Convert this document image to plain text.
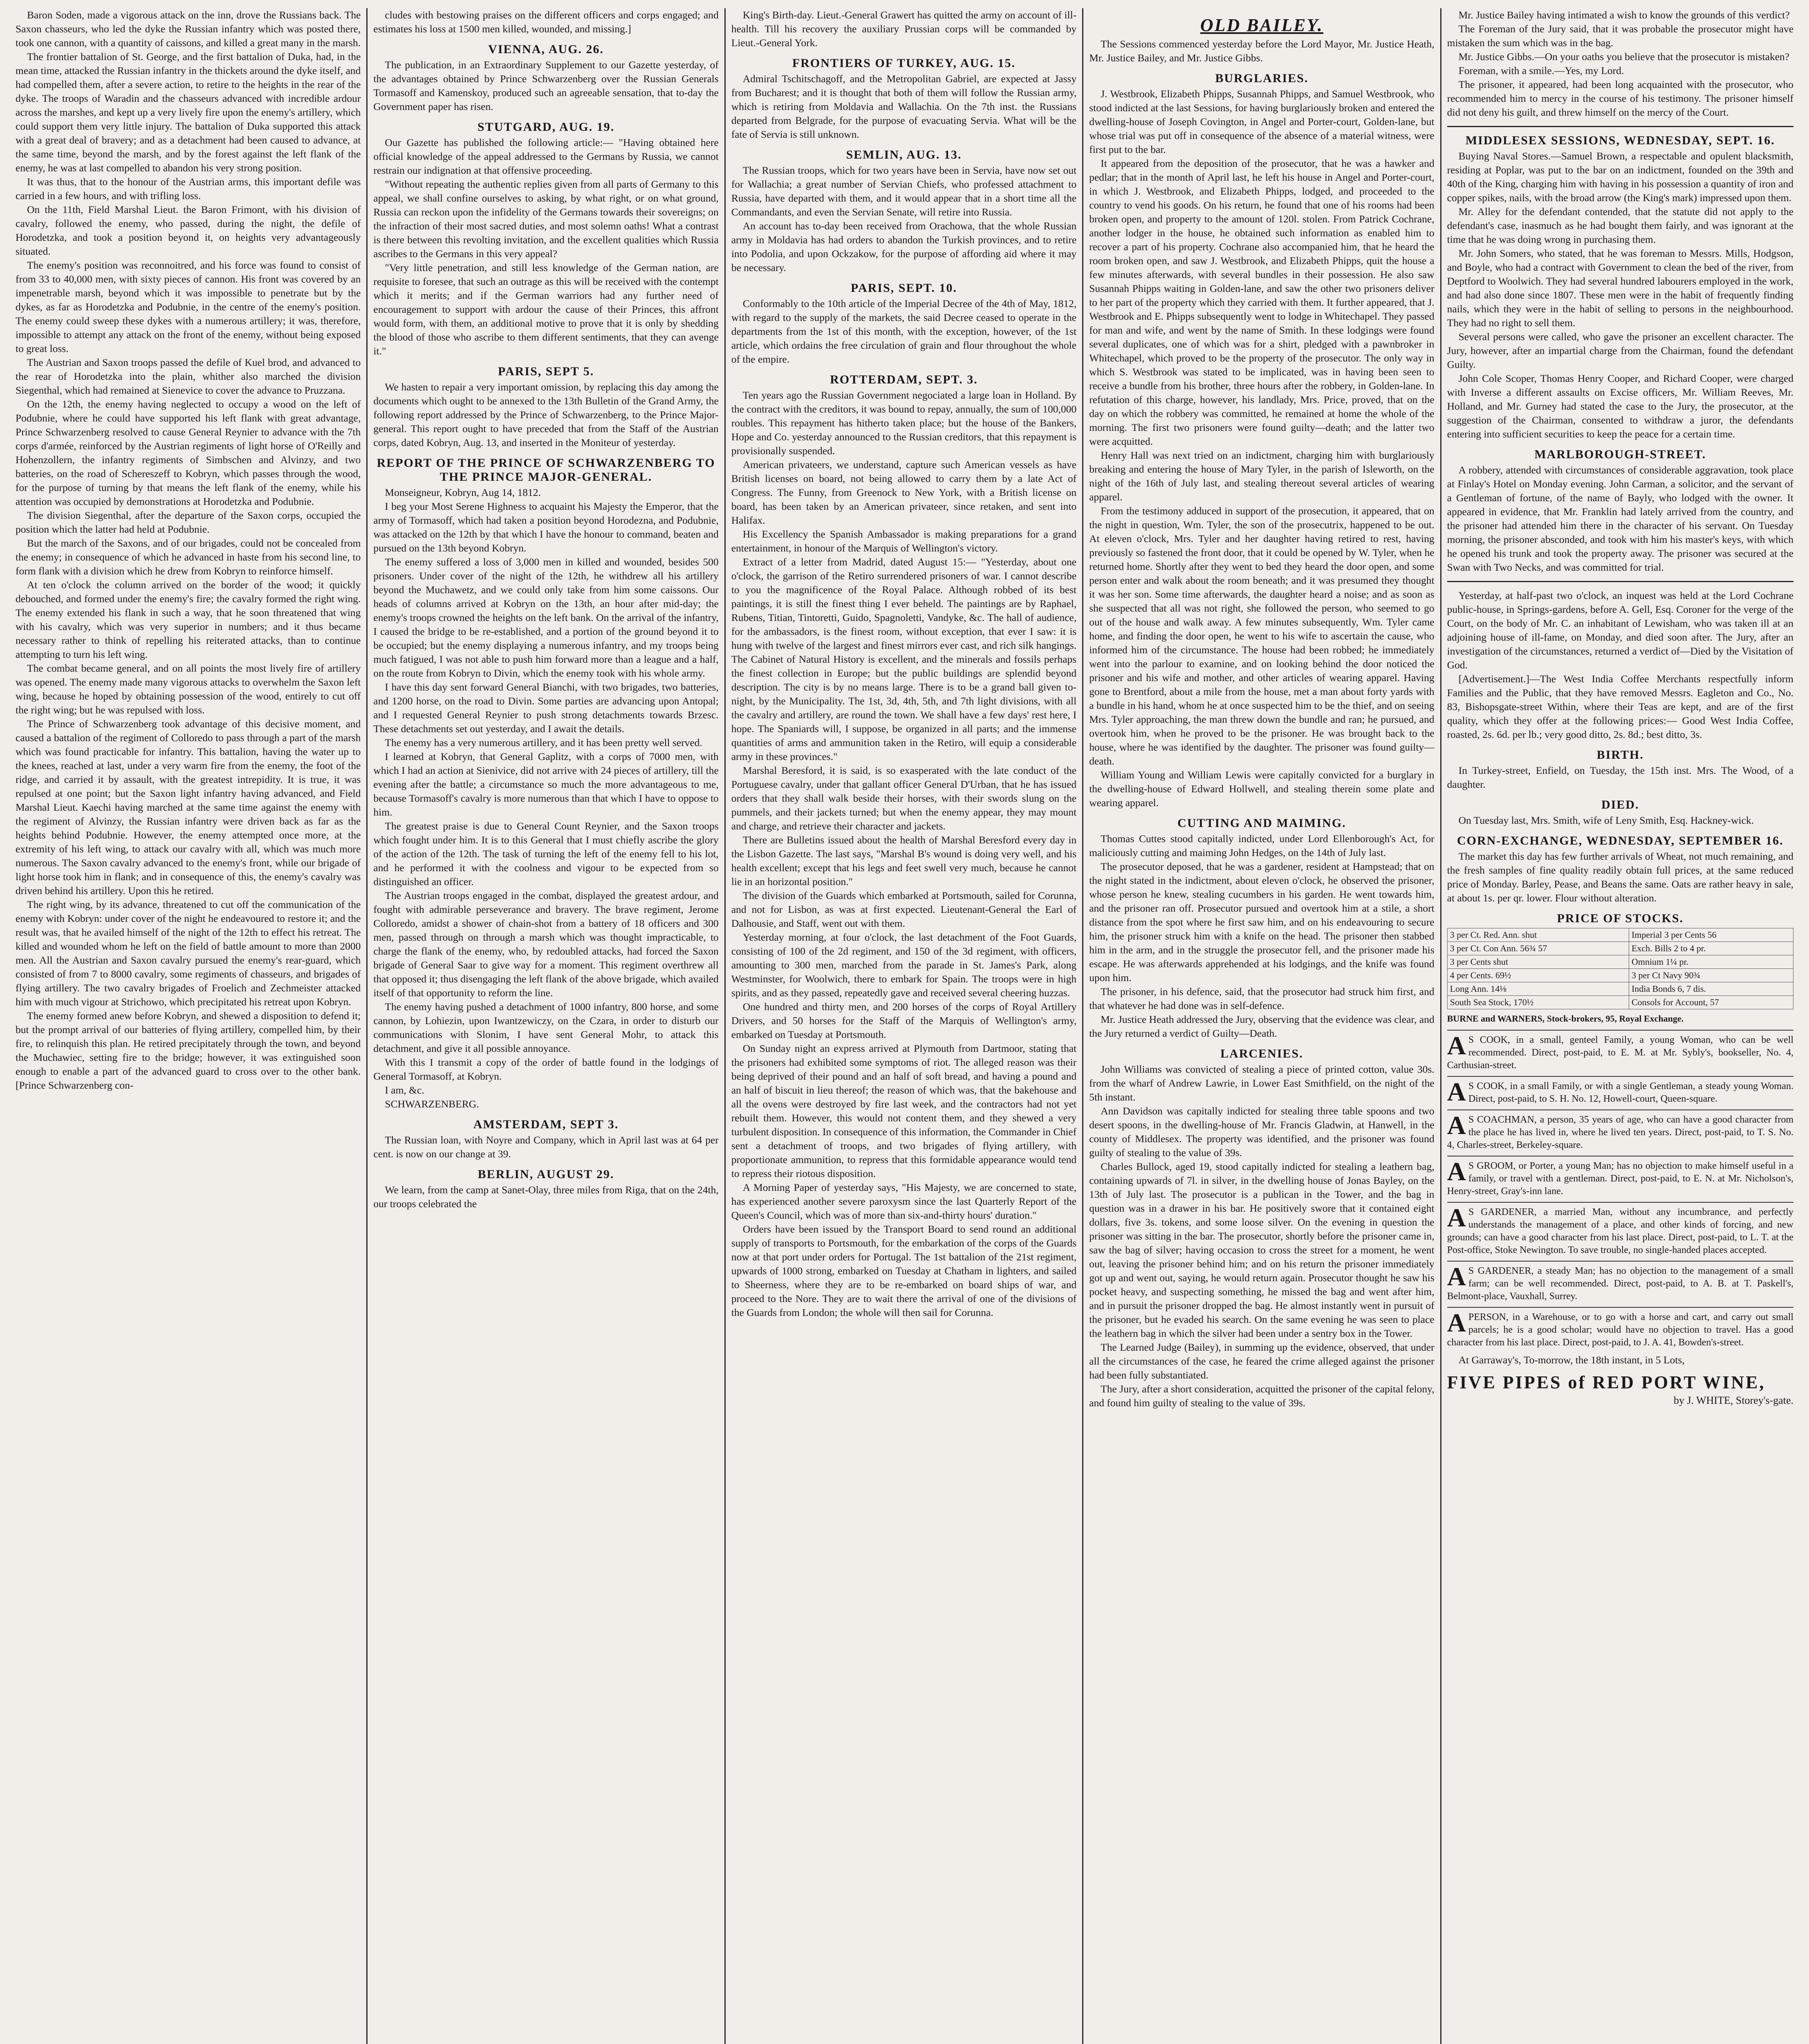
Baron Soden, made a vigorous attack on the inn, drove the Russians back. The Saxon chasseurs, who led the dyke the Russian infantry which was posted there, took one cannon, with a quantity of caissons, and killed a great many in the marsh.

The frontier battalion of St. George, and the first battalion of Duka, had, in the mean time, attacked the Russian infantry in the thickets around the dyke itself, and had compelled them, after a severe action, to retire to the heights in the rear of the dyke. The troops of Waradin and the chasseurs advanced with incredible ardour across the marshes, and kept up a very lively fire upon the enemy's artillery, which could support them very little injury. The battalion of Duka supported this attack with a great deal of bravery; and as a detachment had been caused to advance, at the same time, beyond the marsh, and by the forest against the left flank of the enemy, he was at last compelled to abandon his very strong position.

It was thus, that to the honour of the Austrian arms, this important defile was carried in a few hours, and with trifling loss.

On the 11th, Field Marshal Lieut. the Baron Frimont, with his division of cavalry, followed the enemy, who passed, during the night, the defile of Horodetzka, and took a position beyond it, on heights very advantageously situated.

The enemy's position was reconnoitred, and his force was found to consist of from 33 to 40,000 men, with sixty pieces of cannon. His front was covered by an impenetrable marsh, beyond which it was impossible to penetrate but by the dykes, as far as Horodetzka and Podubnie, in the centre of the enemy's position. The enemy could sweep these dykes with a numerous artillery; it was, therefore, impossible to attempt any attack on the front of the enemy, without being exposed to great loss.

The Austrian and Saxon troops passed the defile of Kuel brod, and advanced to the rear of Horodetzka into the plain, whither also marched the division Siegenthal, which had remained at Sienevice to cover the advance to Pruzzana.

On the 12th, the enemy having neglected to occupy a wood on the left of Podubnie, where he could have supported his left flank with great advantage, Prince Schwarzenberg resolved to cause General Reynier to advance with the 7th corps d'armée, reinforced by the Austrian regiments of light horse of O'Reilly and Hohenzollern, the infantry regiments of Simbschen and Alvinzy, and two batteries, on the road of Schereszeff to Kobryn, which passes through the wood, for the purpose of turning by that means the left flank of the enemy, while his attention was occupied by demonstrations at Horodetzka and Podubnie.

The division Siegenthal, after the departure of the Saxon corps, occupied the position which the latter had held at Podubnie.

But the march of the Saxons, and of our brigades, could not be concealed from the enemy; in consequence of which he advanced in haste from his second line, to form flank with a division which he drew from Kobryn to reinforce himself.

At ten o'clock the column arrived on the border of the wood; it quickly debouched, and formed under the enemy's fire; the cavalry formed the right wing. The enemy extended his flank in such a way, that he soon threatened that wing with his cavalry, which was very superior in numbers; and it thus became necessary rather to think of repelling his reiterated attacks, than to continue attempting to turn his left wing.

The combat became general, and on all points the most lively fire of artillery was opened. The enemy made many vigorous attacks to overwhelm the Saxon left wing, because he hoped by obtaining possession of the wood, entirely to cut off the right wing; but he was repulsed with loss.

The Prince of Schwarzenberg took advantage of this decisive moment, and caused a battalion of the regiment of Colloredo to pass through a part of the marsh which was found practicable for infantry. This battalion, having the water up to the knees, reached at last, under a very warm fire from the enemy, the foot of the ridge, and carried it by assault, with the greatest intrepidity. It is true, it was repulsed at one point; but the Saxon light infantry having advanced, and Field Marshal Lieut. Kaechi having marched at the same time against the enemy with the regiment of Alvinzy, the Russian infantry were driven back as far as the heights behind Podubnie. However, the enemy attempted once more, at the extremity of his left wing, to attack our cavalry with all, which was much more numerous. The Saxon cavalry advanced to the enemy's front, while our brigade of light horse took him in flank; and in consequence of this, the enemy's cavalry was driven behind his artillery. Upon this he retired.

The right wing, by its advance, threatened to cut off the communication of the enemy with Kobryn: under cover of the night he endeavoured to restore it; and the result was, that he availed himself of the night of the 12th to effect his retreat. The killed and wounded whom he left on the field of battle amount to more than 2000 men. All the Austrian and Saxon cavalry pursued the enemy's rear-guard, which consisted of from 7 to 8000 cavalry, some regiments of chasseurs, and brigades of flying artillery. The two cavalry brigades of Froelich and Zechmeister attacked him with much vigour at Strichowo, which precipitated his retreat upon Kobryn.

The enemy formed anew before Kobryn, and shewed a disposition to defend it; but the prompt arrival of our batteries of flying artillery, compelled him, by their fire, to relinquish this plan. He retired precipitately through the town, and beyond the Muchawiec, setting fire to the bridge; however, it was extinguished soon enough to enable a part of the advanced guard to cross over to the other bank. [Prince Schwarzenberg con-

cludes with bestowing praises on the different officers and corps engaged; and estimates his loss at 1500 men killed, wounded, and missing.]

VIENNA, AUG. 26.

The publication, in an Extraordinary Supplement to our Gazette yesterday, of the advantages obtained by Prince Schwarzenberg over the Russian Generals Tormasoff and Kamenskoy, produced such an agreeable sensation, that to-day the Government paper has risen.

STUTGARD, AUG. 19.

Our Gazette has published the following article:— "Having obtained here official knowledge of the appeal addressed to the Germans by Russia, we cannot restrain our indignation at that offensive proceeding.

"Without repeating the authentic replies given from all parts of Germany to this appeal, we shall confine ourselves to asking, by what right, or on what ground, Russia can reckon upon the infidelity of the Germans towards their sovereigns; on the infraction of their most sacred duties, and most solemn oaths! What a contrast is there between this revolting invitation, and the excellent qualities which Russia ascribes to the Germans in this very appeal?

"Very little penetration, and still less knowledge of the German nation, are requisite to foresee, that such an outrage as this will be received with the contempt which it merits; and if the German warriors had any further need of encouragement to support with ardour the cause of their Princes, this affront would form, with them, an additional motive to prove that it is only by shedding the blood of those who ascribe to them different sentiments, that they can avenge it."

PARIS, SEPT 5.

We hasten to repair a very important omission, by replacing this day among the documents which ought to be annexed to the 13th Bulletin of the Grand Army, the following report addressed by the Prince of Schwarzenberg, to the Prince Major-general. This report ought to have preceded that from the Staff of the Austrian corps, dated Kobryn, Aug. 13, and inserted in the Moniteur of yesterday.

REPORT OF THE PRINCE OF SCHWARZENBERG TO THE PRINCE MAJOR-GENERAL.

Monseigneur, Kobryn, Aug 14, 1812.

I beg your Most Serene Highness to acquaint his Majesty the Emperor, that the army of Tormasoff, which had taken a position beyond Horodezna, and Podubnie, was attacked on the 12th by that which I have the honour to command, beaten and pursued on the 13th beyond Kobryn.

The enemy suffered a loss of 3,000 men in killed and wounded, besides 500 prisoners. Under cover of the night of the 12th, he withdrew all his artillery beyond the Muchawetz, and we could only take from him some caissons. Our heads of columns arrived at Kobryn on the 13th, an hour after mid-day; the enemy's troops crowned the heights on the left bank. On the arrival of the infantry, I caused the bridge to be re-established, and a portion of the ground beyond it to be occupied; but the enemy displaying a numerous infantry, and my troops being much fatigued, I was not able to push him forward more than a league and a half, on the route from Kobryn to Divin, which the enemy took with his whole army.

I have this day sent forward General Bianchi, with two brigades, two batteries, and 1200 horse, on the road to Divin. Some parties are advancing upon Antopal; and I requested General Reynier to push strong detachments towards Brzesc. These detachments set out yesterday, and I await the details.

The enemy has a very numerous artillery, and it has been pretty well served.

I learned at Kobryn, that General Gaplitz, with a corps of 7000 men, with which I had an action at Sienivice, did not arrive with 24 pieces of artillery, till the evening after the battle; a circumstance so much the more advantageous to me, because Tormasoff's cavalry is more numerous than that which I have to oppose to him.

The greatest praise is due to General Count Reynier, and the Saxon troops which fought under him. It is to this General that I must chiefly ascribe the glory of the action of the 12th. The task of turning the left of the enemy fell to his lot, and he performed it with the coolness and vigour to be expected from so distinguished an officer.

The Austrian troops engaged in the combat, displayed the greatest ardour, and fought with admirable perseverance and bravery. The brave regiment, Jerome Colloredo, amidst a shower of chain-shot from a battery of 18 officers and 300 men, passed through on through a marsh which was thought impracticable, to charge the flank of the enemy, who, by redoubled attacks, had forced the Saxon brigade of General Saar to give way for a moment. This regiment overthrew all that opposed it; thus disengaging the left flank of the above brigade, which availed itself of that opportunity to reform the line.

The enemy having pushed a detachment of 1000 infantry, 800 horse, and some cannon, by Lohiezin, upon Iwantzewiczy, on the Czara, in order to disturb our communications with Slonim, I have sent General Mohr, to attack this detachment, and give it all possible annoyance.

With this I transmit a copy of the order of battle found in the lodgings of General Tormasoff, at Kobryn.

I am, &c.

SCHWARZENBERG.

AMSTERDAM, SEPT 3.

The Russian loan, with Noyre and Company, which in April last was at 64 per cent. is now on our change at 39.

BERLIN, AUGUST 29.

We learn, from the camp at Sanet-Olay, three miles from Riga, that on the 24th, our troops celebrated the

King's Birth-day. Lieut.-General Grawert has quitted the army on account of ill-health. Till his recovery the auxiliary Prussian corps will be commanded by Lieut.-General York.

FRONTIERS OF TURKEY, AUG. 15.

Admiral Tschitschagoff, and the Metropolitan Gabriel, are expected at Jassy from Bucharest; and it is thought that both of them will follow the Russian army, which is retiring from Moldavia and Wallachia. On the 7th inst. the Russians departed from Belgrade, for the purpose of evacuating Servia. What will be the fate of Servia is still unknown.

SEMLIN, AUG. 13.

The Russian troops, which for two years have been in Servia, have now set out for Wallachia; a great number of Servian Chiefs, who professed attachment to Russia, have departed with them, and it would appear that in a short time all the Commandants, and even the Servian Senate, will retire into Russia.

An account has to-day been received from Orachowa, that the whole Russian army in Moldavia has had orders to abandon the Turkish provinces, and to retire into Podolia, and upon Ockzakow, for the purpose of affording aid where it may be necessary.

PARIS, SEPT. 10.

Conformably to the 10th article of the Imperial Decree of the 4th of May, 1812, with regard to the supply of the markets, the said Decree ceased to operate in the departments from the 1st of this month, with the exception, however, of the 1st article, which ordains the free circulation of grain and flour throughout the whole of the empire.

ROTTERDAM, SEPT. 3.

Ten years ago the Russian Government negociated a large loan in Holland. By the contract with the creditors, it was bound to repay, annually, the sum of 100,000 roubles. This repayment has hitherto taken place; but the house of the Bankers, Hope and Co. yesterday announced to the Russian creditors, that this repayment is provisionally suspended.

American privateers, we understand, capture such American vessels as have British licenses on board, not being allowed to carry them by a late Act of Congress. The Funny, from Greenock to New York, with a British license on board, has been taken by an American privateer, since retaken, and sent into Halifax.

His Excellency the Spanish Ambassador is making preparations for a grand entertainment, in honour of the Marquis of Wellington's victory.

Extract of a letter from Madrid, dated August 15:— "Yesterday, about one o'clock, the garrison of the Retiro surrendered prisoners of war. I cannot describe to you the magnificence of the Royal Palace. Although robbed of its best paintings, it is still the finest thing I ever beheld. The paintings are by Raphael, Rubens, Titian, Tintoretti, Guido, Spagnoletti, Vandyke, &c. The hall of audience, for the ambassadors, is the finest room, without exception, that ever I saw: it is hung with twelve of the largest and finest mirrors ever cast, and rich silk hangings. The Cabinet of Natural History is excellent, and the minerals and fossils perhaps the finest collection in Europe; but the public buildings are splendid beyond description. The city is by no means large. There is to be a grand ball given to-night, by the Municipality. The 1st, 3d, 4th, 5th, and 7th light divisions, with all the cavalry and artillery, are round the town. We shall have a few days' rest here, I hope. The Spaniards will, I suppose, be organized in all parts; and the immense quantities of arms and ammunition taken in the Retiro, will equip a considerable army in these provinces."

Marshal Beresford, it is said, is so exasperated with the late conduct of the Portuguese cavalry, under that gallant officer General D'Urban, that he has issued orders that they shall walk beside their horses, with their swords slung on the pummels, and their jackets turned; but when the enemy appear, they may mount and charge, and retrieve their character and jackets.

There are Bulletins issued about the health of Marshal Beresford every day in the Lisbon Gazette. The last says, "Marshal B's wound is doing very well, and his health excellent; except that his legs and feet swell very much, because he cannot lie in an horizontal position."

The division of the Guards which embarked at Portsmouth, sailed for Corunna, and not for Lisbon, as was at first expected. Lieutenant-General the Earl of Dalhousie, and Staff, went out with them.

Yesterday morning, at four o'clock, the last detachment of the Foot Guards, consisting of 100 of the 2d regiment, and 150 of the 3d regiment, with officers, amounting to 300 men, marched from the parade in St. James's Park, along Westminster, for Woolwich, there to embark for Spain. The troops were in high spirits, and as they passed, repeatedly gave and received several cheering huzzas.

One hundred and thirty men, and 200 horses of the corps of Royal Artillery Drivers, and 50 horses for the Staff of the Marquis of Wellington's army, embarked on Tuesday at Portsmouth.

On Sunday night an express arrived at Plymouth from Dartmoor, stating that the prisoners had exhibited some symptoms of riot. The alleged reason was their being deprived of their pound and an half of soft bread, and having a pound and an half of biscuit in lieu thereof; the reason of which was, that the bakehouse and all the ovens were destroyed by fire last week, and the contractors had not yet rebuilt them. However, this would not content them, and they shewed a very turbulent disposition. In consequence of this information, the Commander in Chief sent a detachment of troops, and two brigades of flying artillery, with proportionate ammunition, to repress that this formidable appearance would tend to repress their riotous disposition.

A Morning Paper of yesterday says, "His Majesty, we are concerned to state, has experienced another severe paroxysm since the last Quarterly Report of the Queen's Council, which was of more than six-and-thirty hours' duration."

Orders have been issued by the Transport Board to send round an additional supply of transports to Portsmouth, for the embarkation of the corps of the Guards now at that port under orders for Portugal. The 1st battalion of the 21st regiment, upwards of 1000 strong, embarked on Tuesday at Chatham in lighters, and sailed to Sheerness, where they are to be re-embarked on board ships of war, and proceed to the Nore. They are to wait there the arrival of one of the divisions of the Guards from London; the whole will then sail for Corunna.

OLD BAILEY.

The Sessions commenced yesterday before the Lord Mayor, Mr. Justice Heath, Mr. Justice Bailey, and Mr. Justice Gibbs.

BURGLARIES.

J. Westbrook, Elizabeth Phipps, Susannah Phipps, and Samuel Westbrook, who stood indicted at the last Sessions, for having burglariously broken and entered the dwelling-house of Joseph Covington, in Angel and Porter-court, Golden-lane, but whose trial was put off in consequence of the absence of a material witness, were first put to the bar.

It appeared from the deposition of the prosecutor, that he was a hawker and pedlar; that in the month of April last, he left his house in Angel and Porter-court, in which J. Westbrook, and Elizabeth Phipps, lodged, and proceeded to the country to vend his goods. On his return, he found that one of his rooms had been broken open, and property to the amount of 120l. stolen. From Patrick Cochrane, another lodger in the house, he obtained such information as enabled him to recover a part of his property. Cochrane also accompanied him, that he heard the room broken open, and saw J. Westbrook, and Elizabeth Phipps, quit the house a few minutes afterwards, with several bundles in their possession. He also saw Susannah Phipps waiting in Golden-lane, and saw the other two prisoners deliver to her part of the property which they carried with them. It further appeared, that J. Westbrook and E. Phipps subsequently went to lodge in Whitechapel. They passed for man and wife, and went by the name of Smith. In these lodgings were found several duplicates, one of which was for a shirt, pledged with a pawnbroker in Whitechapel, which proved to be the property of the prosecutor. The only way in which S. Westbrook was stated to be implicated, was in having been seen to receive a bundle from his brother, three hours after the robbery, in Golden-lane. In refutation of this charge, however, his landlady, Mrs. Price, proved, that on the day on which the robbery was committed, he remained at home the whole of the morning. The first two prisoners were found guilty—death; and the latter two were acquitted.

Henry Hall was next tried on an indictment, charging him with burglariously breaking and entering the house of Mary Tyler, in the parish of Isleworth, on the night of the 16th of July last, and stealing thereout several articles of wearing apparel.

From the testimony adduced in support of the prosecution, it appeared, that on the night in question, Wm. Tyler, the son of the prosecutrix, happened to be out. At eleven o'clock, Mrs. Tyler and her daughter having retired to rest, having previously so fastened the front door, that it could be opened by W. Tyler, when he returned home. Shortly after they went to bed they heard the door open, and some person enter and walk about the room beneath; and it was presumed they thought it was her son. Some time afterwards, the daughter heard a noise; and as soon as she suspected that all was not right, she followed the person, who seemed to go out of the house and walk away. A few minutes subsequently, Wm. Tyler came home, and finding the door open, he went to his wife to ascertain the cause, who informed him of the circumstance. The house had been robbed; he immediately went into the parlour to examine, and on looking behind the door noticed the prisoner and his wife and mother, and other articles of wearing apparel. Having gone to Brentford, about a mile from the house, met a man about forty yards with a bundle in his hand, whom he at once suspected him to be the thief, and on seeing Mrs. Tyler approaching, the man threw down the bundle and ran; he pursued, and overtook him, when he proved to be the prisoner. He was brought back to the house, where he was identified by the daughter. The prisoner was found guilty—death.

William Young and William Lewis were capitally convicted for a burglary in the dwelling-house of Edward Hollwell, and stealing therein some plate and wearing apparel.

CUTTING AND MAIMING.

Thomas Cuttes stood capitally indicted, under Lord Ellenborough's Act, for maliciously cutting and maiming John Hedges, on the 14th of July last.

The prosecutor deposed, that he was a gardener, resident at Hampstead; that on the night stated in the indictment, about eleven o'clock, he observed the prisoner, whose person he knew, stealing cucumbers in his garden. He went towards him, and the prisoner ran off. Prosecutor pursued and overtook him at a stile, a short distance from the spot where he first saw him, and on his endeavouring to secure him, the prisoner struck him with a knife on the head. The prisoner then stabbed him in the arm, and in the struggle the prosecutor fell, and the prisoner made his escape. He was afterwards apprehended at his lodgings, and the knife was found upon him.

The prisoner, in his defence, said, that the prosecutor had struck him first, and that whatever he had done was in self-defence.

Mr. Justice Heath addressed the Jury, observing that the evidence was clear, and the Jury returned a verdict of Guilty—Death.

LARCENIES.

John Williams was convicted of stealing a piece of printed cotton, value 30s. from the wharf of Andrew Lawrie, in Lower East Smithfield, on the night of the 5th instant.

Ann Davidson was capitally indicted for stealing three table spoons and two desert spoons, in the dwelling-house of Mr. Francis Gladwin, at Hanwell, in the county of Middlesex. The property was identified, and the prisoner was found guilty of stealing to the value of 39s.

Charles Bullock, aged 19, stood capitally indicted for stealing a leathern bag, containing upwards of 7l. in silver, in the dwelling house of Jonas Bayley, on the 13th of July last. The prosecutor is a publican in the Tower, and the bag in question was in a drawer in his bar. He positively swore that it contained eight dollars, five 3s. tokens, and some loose silver. On the evening in question the prisoner was sitting in the bar. The prosecutor, shortly before the prisoner came in, saw the bag of silver; having occasion to cross the street for a moment, he went out, leaving the prisoner behind him; and on his return the prisoner immediately got up and went out, saying, he would return again. Prosecutor thought he saw his pocket heavy, and suspecting something, he missed the bag and went after him, and in pursuit the prisoner dropped the bag. He almost instantly went in pursuit of the prisoner, but he evaded his search. On the same evening he was seen to place the leathern bag in which the silver had been under a sentry box in the Tower.

The Learned Judge (Bailey), in summing up the evidence, observed, that under all the circumstances of the case, he feared the crime alleged against the prisoner had been fully substantiated.

The Jury, after a short consideration, acquitted the prisoner of the capital felony, and found him guilty of stealing to the value of 39s.

Mr. Justice Bailey having intimated a wish to know the grounds of this verdict?

The Foreman of the Jury said, that it was probable the prosecutor might have mistaken the sum which was in the bag.

Mr. Justice Gibbs.—On your oaths you believe that the prosecutor is mistaken?

Foreman, with a smile.—Yes, my Lord.

The prisoner, it appeared, had been long acquainted with the prosecutor, who recommended him to mercy in the course of his testimony. The prisoner himself did not deny his guilt, and threw himself on the mercy of the Court.

MIDDLESEX SESSIONS, WEDNESDAY, SEPT. 16.

Buying Naval Stores.—Samuel Brown, a respectable and opulent blacksmith, residing at Poplar, was put to the bar on an indictment, founded on the 39th and 40th of the King, charging him with having in his possession a quantity of iron and copper spikes, nails, with the broad arrow (the King's mark) impressed upon them.

Mr. Alley for the defendant contended, that the statute did not apply to the defendant's case, inasmuch as he had bought them fairly, and was ignorant at the time that he was doing wrong in purchasing them.

Mr. John Somers, who stated, that he was foreman to Messrs. Mills, Hodgson, and Boyle, who had a contract with Government to clean the bed of the river, from Deptford to Woolwich. They had several hundred labourers employed in the work, and had also done since 1807. These men were in the habit of frequently finding nails, which they were in the habit of selling to persons in the neighbourhood. They had no right to sell them.

Several persons were called, who gave the prisoner an excellent character. The Jury, however, after an impartial charge from the Chairman, found the defendant Guilty.

John Cole Scoper, Thomas Henry Cooper, and Richard Cooper, were charged with Inverse a different assaults on Excise officers, Mr. William Reeves, Mr. Holland, and Mr. Gurney had stated the case to the Jury, the prosecutor, at the suggestion of the Chairman, consented to withdraw a juror, the defendants entering into sufficient securities to keep the peace for a certain time.

MARLBOROUGH-STREET.

A robbery, attended with circumstances of considerable aggravation, took place at Finlay's Hotel on Monday evening. John Carman, a solicitor, and the servant of a Gentleman of fortune, of the name of Bayly, who lodged with the owner. It appeared in evidence, that Mr. Franklin had lately arrived from the country, and the prisoner had attended him there in the character of his servant. On Tuesday morning, the prisoner absconded, and took with him his master's keys, with which he opened his trunk and took the property away. The prisoner was secured at the Swan with Two Necks, and was committed for trial.

Yesterday, at half-past two o'clock, an inquest was held at the Lord Cochrane public-house, in Springs-gardens, before A. Gell, Esq. Coroner for the verge of the Court, on the body of Mr. C. an inhabitant of Lewisham, who was taken ill at an adjoining house of ill-fame, on Monday, and died soon after. The Jury, after an investigation of the circumstances, returned a verdict of—Died by the Visitation of God.

[Advertisement.]—The West India Coffee Merchants respectfully inform Families and the Public, that they have removed Messrs. Eagleton and Co., No. 83, Bishopsgate-street Within, where their Teas are kept, and are of the first quality, which they offer at the following prices:— Good West India Coffee, roasted, 2s. 6d. per lb.; very good ditto, 2s. 8d.; best ditto, 3s.

BIRTH.

In Turkey-street, Enfield, on Tuesday, the 15th inst. Mrs. The Wood, of a daughter.

DIED.

On Tuesday last, Mrs. Smith, wife of Leny Smith, Esq. Hackney-wick.

CORN-EXCHANGE, WEDNESDAY, SEPTEMBER 16.

The market this day has few further arrivals of Wheat, not much remaining, and the fresh samples of fine quality readily obtain full prices, at the same reduced price of Monday. Barley, Pease, and Beans the same. Oats are rather heavy in sale, at about 1s. per qr. lower. Flour without alteration.

PRICE OF STOCKS.
3 per Ct. Red. Ann. shut	Imperial 3 per Cents 56
3 per Ct. Con Ann. 56¾ 57	Exch. Bills 2 to 4 pr.
3 per Cents shut	Omnium 1¼ pr.
4 per Cents. 69½	3 per Ct Navy 90¾
Long Ann. 14⅛	India Bonds 6, 7 dis.
South Sea Stock, 170½	Consols for Account, 57

BURNE and WARNERS, Stock-brokers, 95, Royal Exchange.

A S COOK, in a small, genteel Family, a young Woman, who can be well recommended. Direct, post-paid, to E. M. at Mr. Sybly's, bookseller, No. 4, Carthusian-street.
A S COOK, in a small Family, or with a single Gentleman, a steady young Woman. Direct, post-paid, to S. H. No. 12, Howell-court, Queen-square.
A S COACHMAN, a person, 35 years of age, who can have a good character from the place he has lived in, where he lived ten years. Direct, post-paid, to T. S. No. 4, Charles-street, Berkeley-square.
A S GROOM, or Porter, a young Man; has no objection to make himself useful in a family, or travel with a gentleman. Direct, post-paid, to E. N. at Mr. Nicholson's, Henry-street, Gray's-inn lane.
A S GARDENER, a married Man, without any incumbrance, and perfectly understands the management of a place, and other kinds of forcing, and new grounds; can have a good character from his last place. Direct, post-paid, to L. T. at the Post-office, Stoke Newington. To save trouble, no single-handed places accepted.
A S GARDENER, a steady Man; has no objection to the management of a small farm; can be well recommended. Direct, post-paid, to A. B. at T. Paskell's, Belmont-place, Vauxhall, Surrey.
APERSON, in a Warehouse, or to go with a horse and cart, and carry out small parcels; he is a good scholar; would have no objection to travel. Has a good character from his last place. Direct, post-paid, to J. A. 41, Bowden's-street.

At Garraway's, To-morrow, the 18th instant, in 5 Lots,

FIVE PIPES of RED PORT WINE,
by J. WHITE, Storey's-gate.
